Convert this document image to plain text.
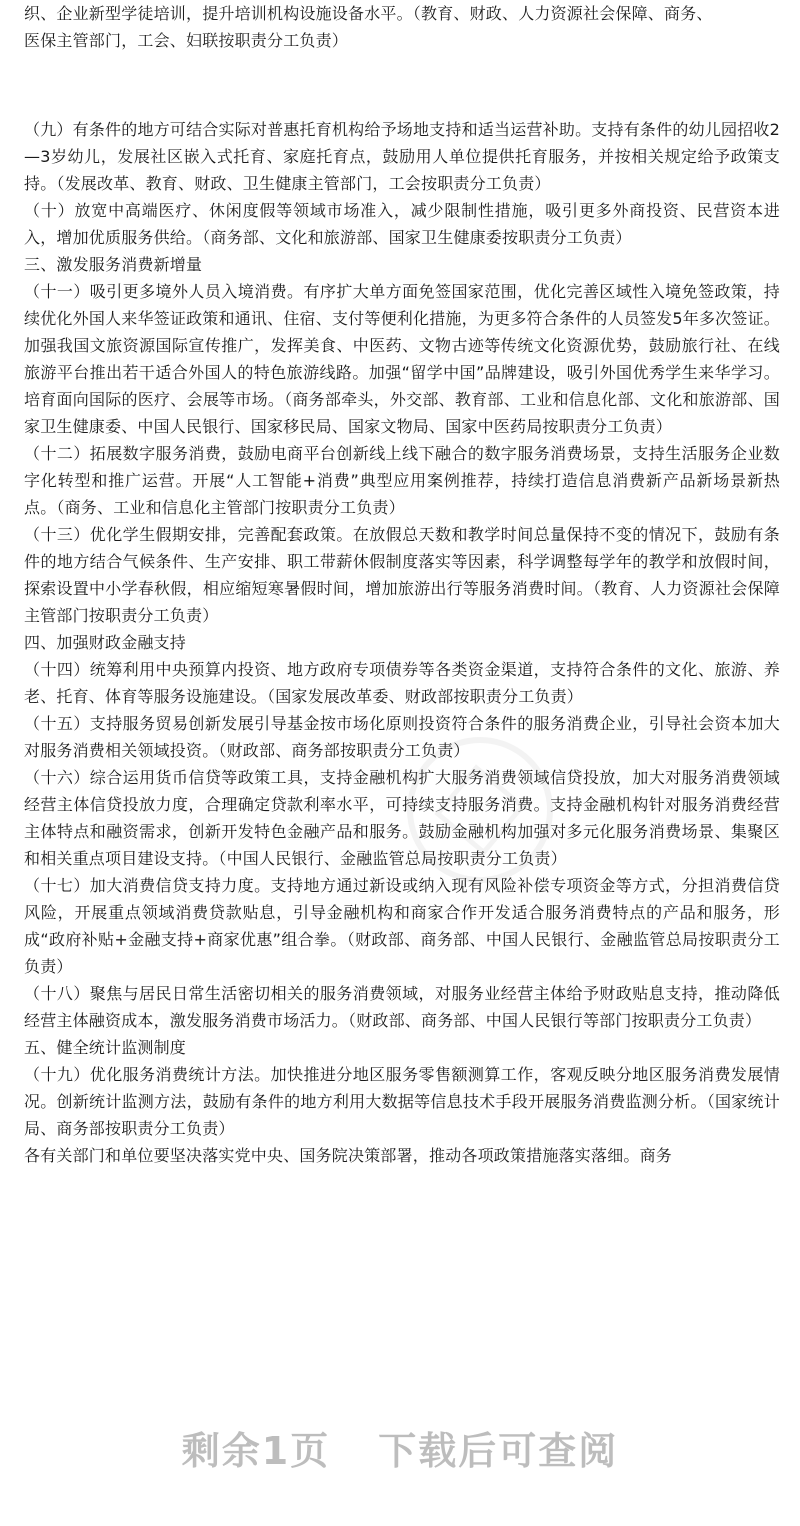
织、企业新型学徒培训，提升培训机构设施设备水平。（教育、财政、人力资源社会保障、商务、

医保主管部门，工会、妇联按职责分工负责）

（九）有条件的地方可结合实际对普惠托育机构给予场地支持和适当运营补助。支持有条件的幼儿园招收2—3岁幼儿，发展社区嵌入式托育、家庭托育点，鼓励用人单位提供托育服务，并按相关规定给予政策支持。（发展改革、教育、财政、卫生健康主管部门，工会按职责分工负责）

（十）放宽中高端医疗、休闲度假等领域市场准入，减少限制性措施，吸引更多外商投资、民营资本进入，增加优质服务供给。（商务部、文化和旅游部、国家卫生健康委按职责分工负责）

三、激发服务消费新增量

（十一）吸引更多境外人员入境消费。有序扩大单方面免签国家范围，优化完善区域性入境免签政策，持续优化外国人来华签证政策和通讯、住宿、支付等便利化措施，为更多符合条件的人员签发5年多次签证。加强我国文旅资源国际宣传推广，发挥美食、中医药、文物古迹等传统文化资源优势，鼓励旅行社、在线旅游平台推出若干适合外国人的特色旅游线路。加强“留学中国”品牌建设，吸引外国优秀学生来华学习。培育面向国际的医疗、会展等市场。（商务部牵头，外交部、教育部、工业和信息化部、文化和旅游部、国家卫生健康委、中国人民银行、国家移民局、国家文物局、国家中医药局按职责分工负责）

（十二）拓展数字服务消费，鼓励电商平台创新线上线下融合的数字服务消费场景，支持生活服务企业数字化转型和推广运营。开展“人工智能+消费”典型应用案例推荐，持续打造信息消费新产品新场景新热点。（商务、工业和信息化主管部门按职责分工负责）

（十三）优化学生假期安排，完善配套政策。在放假总天数和教学时间总量保持不变的情况下，鼓励有条件的地方结合气候条件、生产安排、职工带薪休假制度落实等因素，科学调整每学年的教学和放假时间，探索设置中小学春秋假，相应缩短寒暑假时间，增加旅游出行等服务消费时间。（教育、人力资源社会保障主管部门按职责分工负责）

四、加强财政金融支持

（十四）统筹利用中央预算内投资、地方政府专项债券等各类资金渠道，支持符合条件的文化、旅游、养老、托育、体育等服务设施建设。（国家发展改革委、财政部按职责分工负责）

（十五）支持服务贸易创新发展引导基金按市场化原则投资符合条件的服务消费企业，引导社会资本加大对服务消费相关领域投资。（财政部、商务部按职责分工负责）

（十六）综合运用货币信贷等政策工具，支持金融机构扩大服务消费领域信贷投放，加大对服务消费领域经营主体信贷投放力度，合理确定贷款利率水平，可持续支持服务消费。支持金融机构针对服务消费经营主体特点和融资需求，创新开发特色金融产品和服务。鼓励金融机构加强对多元化服务消费场景、集聚区和相关重点项目建设支持。（中国人民银行、金融监管总局按职责分工负责）

（十七）加大消费信贷支持力度。支持地方通过新设或纳入现有风险补偿专项资金等方式，分担消费信贷风险，开展重点领域消费贷款贴息，引导金融机构和商家合作开发适合服务消费特点的产品和服务，形成“政府补贴+金融支持+商家优惠”组合拳。（财政部、商务部、中国人民银行、金融监管总局按职责分工负责）

（十八）聚焦与居民日常生活密切相关的服务消费领域，对服务业经营主体给予财政贴息支持，推动降低经营主体融资成本，激发服务消费市场活力。（财政部、商务部、中国人民银行等部门按职责分工负责）

五、健全统计监测制度

（十九）优化服务消费统计方法。加快推进分地区服务零售额测算工作，客观反映分地区服务消费发展情况。创新统计监测方法，鼓励有条件的地方利用大数据等信息技术手段开展服务消费监测分析。（国家统计局、商务部按职责分工负责）

各有关部门和单位要坚决落实党中央、国务院决策部署，推动各项政策措施落实落细。商务

剩余1页 下载后可查阅
